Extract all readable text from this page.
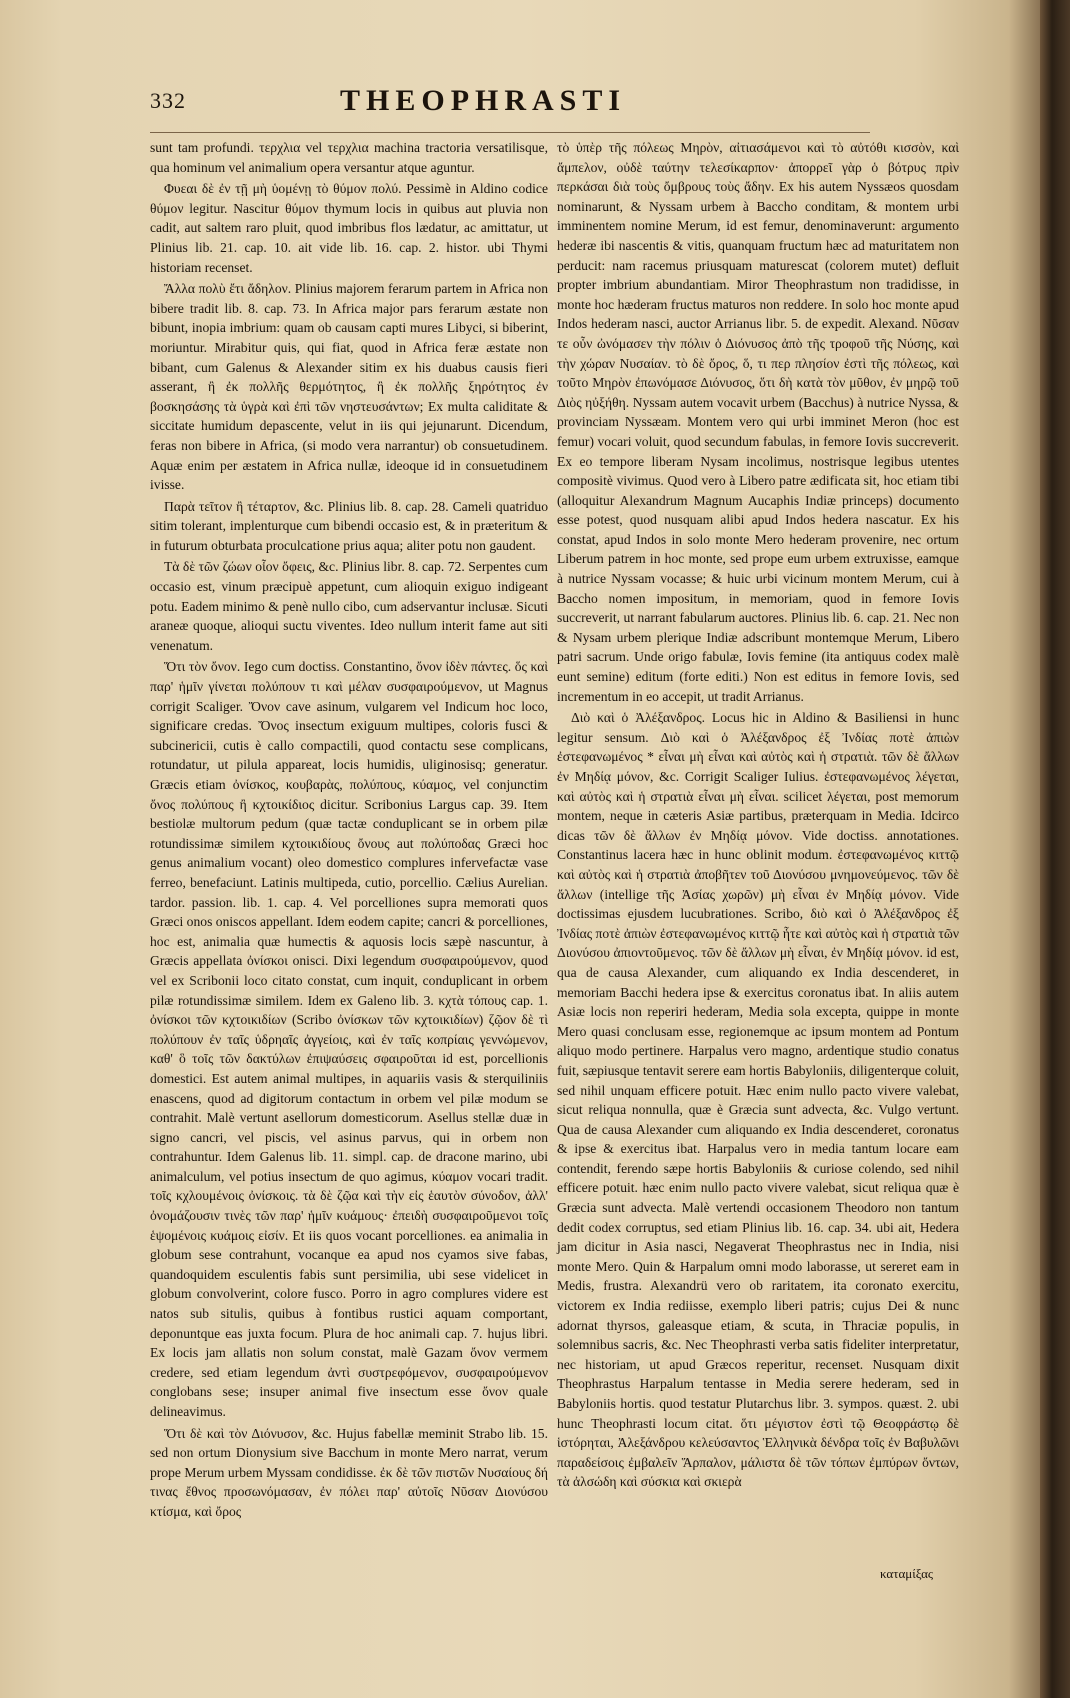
332	THEOPHRASTI

sunt tam profundi. τερχλια vel τερχλια machina tractoria versatilisque, qua hominum vel animalium opera versantur atque aguntur.

Φυεαι δὲ ἐν τῇ μὴ ὑομένῃ τὸ θύμον πολύ. Pessimè in Aldino codice θύμον legitur. Nascitur θύμον thymum locis in quibus aut pluvia non cadit, aut saltem raro pluit, quod imbribus flos lædatur, ac amittatur, ut Plinius lib. 21. cap. 10. ait vide lib. 16. cap. 2. histor. ubi Thymi historiam recenset.

Ἄλλα πολὺ ἔτι ἄδηλον. Plinius majorem ferarum partem in Africa non bibere tradit lib. 8. cap. 73. In Africa major pars ferarum æstate non bibunt, inopia imbrium: quam ob causam capti mures Libyci, si biberint, moriuntur. Mirabitur quis, qui fiat, quod in Africa feræ æstate non bibant, cum Galenus & Alexander sitim ex his duabus causis fieri asserant, ἢ ἐκ πολλῆς θερμότητος, ἢ ἐκ πολλῆς ξηρότητος ἐν βοσκησάσης τὰ ὑγρὰ καὶ ἐπὶ τῶν νηστευσάντων; Ex multa caliditate & siccitate humidum depascente, velut in iis qui jejunarunt. Dicendum, feras non bibere in Africa, (si modo vera narrantur) ob consuetudinem. Aquæ enim per æstatem in Africa nullæ, ideoque id in consuetudinem ivisse.

Παρὰ τεῖτον ἢ τέταρτον, &c. Plinius lib. 8. cap. 28. Cameli quatriduo sitim tolerant, implenturque cum bibendi occasio est, & in præteritum & in futurum obturbata proculcatione prius aqua; aliter potu non gaudent.

Τὰ δὲ τῶν ζώων οἷον ὄφεις, &c. Plinius libr. 8. cap. 72. Serpentes cum occasio est, vinum præcipuè appetunt, cum alioquin exiguo indigeant potu. Eadem minimo & penè nullo cibo, cum adservantur inclusæ. Sicuti araneæ quoque, alioqui suctu viventes. Ideo nullum interit fame aut siti venenatum.

Ὅτι τὸν ὄνον. Iego cum doctiss. Constantino, ὄνον ἰδὲν πάντες. ὅς καὶ παρ' ἡμῖν γίνεται πολύπουν τι καὶ μέλαν συσφαιρούμενον, ut Magnus corrigit Scaliger. Ὄνον cave asinum, vulgarem vel Indicum hoc loco, significare credas. Ὄνος insectum exiguum multipes, coloris fusci & subcinericii, cutis è callo compactili, quod contactu sese complicans, rotundatur, ut pilula appareat, locis humidis, uliginosisq; generatur. Græcis etiam ὀνίσκος, κουβαρὰς, πολύπους, κύαμος, vel conjunctim ὄνος πολύπους ἢ κχτοικίδιος dicitur. Scribonius Largus cap. 39. Item bestiolæ multorum pedum (quæ tactæ conduplicant se in orbem pilæ rotundissimæ similem κχτοικιδίους ὄνους aut πολύποδας Græci hoc genus animalium vocant) oleo domestico complures infervefactæ vase ferreo, benefaciunt. Latinis multipeda, cutio, porcellio. Cælius Aurelian. tardor. passion. lib. 1. cap. 4. Vel porcelliones supra memorati quos Græci onos oniscos appellant. Idem eodem capite; cancri & porcelliones, hoc est, animalia quæ humectis & aquosis locis sæpè nascuntur, à Græcis appellata ὀνίσκοι onisci. Dixi legendum συσφαιρούμενον, quod vel ex Scribonii loco citato constat, cum inquit, conduplicant in orbem pilæ rotundissimæ similem. Idem ex Galeno lib. 3. κχτὰ τόπους cap. 1. ὀνίσκοι τῶν κχτοικιδίων (Scribo ὀνίσκων τῶν κχτοικιδίων) ζῷον δὲ τὶ πολύπουν ἐν ταῖς ὑδρηαῖς ἀγγείοις, καὶ ἐν ταῖς κοπρίαις γεννώμενον, καθ' ὃ τοῖς τῶν δακτύλων ἐπιψαύσεις σφαιροῦται id est, porcellionis domestici. Est autem animal multipes, in aquariis vasis & sterquiliniis enascens, quod ad digitorum contactum in orbem vel pilæ modum se contrahit. Malè vertunt asellorum domesticorum. Asellus stellæ duæ in signo cancri, vel piscis, vel asinus parvus, qui in orbem non contrahuntur. Idem Galenus lib. 11. simpl. cap. de dracone marino, ubi animalculum, vel potius insectum de quo agimus, κύαμον vocari tradit. τοῖς κχλουμένοις ὀνίσκοις. τὰ δὲ ζῷα καὶ τὴν εἰς ἑαυτὸν σύνοδον, ἀλλ' ὀνομάζουσιν τινὲς τῶν παρ' ἡμῖν κυάμους· ἐπειδὴ συσφαιροῦμενοι τοῖς ἑψομένοις κυάμοις εἰσίν. Et iis quos vocant porcelliones. ea animalia in globum sese contrahunt, vocanque ea apud nos cyamos sive fabas, quandoquidem esculentis fabis sunt persimilia, ubi sese videlicet in globum convolverint, colore fusco. Porro in agro complures videre est natos sub situlis, quibus à fontibus rustici aquam comportant, deponuntque eas juxta focum. Plura de hoc animali cap. 7. hujus libri. Ex locis jam allatis non solum constat, malè Gazam ὄνον vermem credere, sed etiam legendum ἀντὶ συστρεφόμενον, συσφαιρούμενον conglobans sese; insuper animal five insectum esse ὄνον quale delineavimus.

Ὅτι δὲ καὶ τὸν Διόνυσον, &c. Hujus fabellæ meminit Strabo lib. 15. sed non ortum Dionysium sive Bacchum in monte Mero narrat, verum prope Merum urbem Myssam condidisse. ἐκ δὲ τῶν πιστῶν Νυσαίους δή τινας ἔθνος προσωνόμασαν, ἐν πόλει παρ' αὐτοῖς Νῦσαν Διονύσου κτίσμα, καὶ ὄρος

τὸ ὑπὲρ τῆς πόλεως Μηρὸν, αἰτιασάμενοι καὶ τὸ αὐτόθι κισσὸν, καὶ ἄμπελον, οὐδὲ ταύτην τελεσίκαρπον· ἀπορρεῖ γὰρ ὁ βότρυς πρὶν περκάσαι διὰ τοὺς ὄμβρους τοὺς ἄδην. Ex his autem Nyssæos quosdam nominarunt, & Nyssam urbem à Baccho conditam, & montem urbi imminentem nomine Merum, id est femur, denominaverunt: argumento hederæ ibi nascentis & vitis, quanquam fructum hæc ad maturitatem non perducit: nam racemus priusquam maturescat (colorem mutet) defluit propter imbrium abundantiam. Miror Theophrastum non tradidisse, in monte hoc hæderam fructus maturos non reddere. In solo hoc monte apud Indos hederam nasci, auctor Arrianus libr. 5. de expedit. Alexand. Νῦσαν τε οὖν ὠνόμασεν τὴν πόλιν ὁ Διόνυσος ἀπὸ τῆς τροφοῦ τῆς Νύσης, καὶ τὴν χώραν Νυσαίαν. τὸ δὲ ὄρος, ὅ, τι περ πλησίον ἐστὶ τῆς πόλεως, καὶ τοῦτο Μηρὸν ἐπωνόμασε Διόνυσος, ὅτι δὴ κατὰ τὸν μῦθον, ἐν μηρῷ τοῦ Διὸς ηὐξήθη. Nyssam autem vocavit urbem (Bacchus) à nutrice Nyssa, & provinciam Nyssæam. Montem vero qui urbi imminet Meron (hoc est femur) vocari voluit, quod secundum fabulas, in femore Iovis succreverit. Ex eo tempore liberam Nysam incolimus, nostrisque legibus utentes compositè vivimus. Quod vero à Libero patre ædificata sit, hoc etiam tibi (alloquitur Alexandrum Magnum Aucaphis Indiæ princeps) documento esse potest, quod nusquam alibi apud Indos hedera nascatur. Ex his constat, apud Indos in solo monte Mero hederam provenire, nec ortum Liberum patrem in hoc monte, sed prope eum urbem extruxisse, eamque à nutrice Nyssam vocasse; & huic urbi vicinum montem Merum, cui à Baccho nomen impositum, in memoriam, quod in femore Iovis succreverit, ut narrant fabularum auctores. Plinius lib. 6. cap. 21. Nec non & Nysam urbem plerique Indiæ adscribunt montemque Merum, Libero patri sacrum. Unde origo fabulæ, Iovis femine (ita antiquus codex malè eunt semine) editum (forte editi.) Non est editus in femore Iovis, sed incrementum in eo accepit, ut tradit Arrianus.

Διὸ καὶ ὁ Ἀλέξανδρος. Locus hic in Aldino & Basiliensi in hunc legitur sensum. Διὸ καὶ ὁ Ἀλέξανδρος ἐξ Ἰνδίας ποτὲ ἀπιὼν ἐστεφανωμένος * εἶναι μὴ εἶναι καὶ αὐτὸς καὶ ἡ στρατιὰ. τῶν δὲ ἄλλων ἐν Μηδίᾳ μόνον, &c. Corrigit Scaliger Iulius. ἐστεφανωμένος λέγεται, καὶ αὐτὸς καὶ ἡ στρατιὰ εἶναι μὴ εἶναι. scilicet λέγεται, post memorum montem, neque in cæteris Asiæ partibus, præterquam in Media. Idcirco dicas τῶν δὲ ἄλλων ἐν Μηδίᾳ μόνον. Vide doctiss. annotationes. Constantinus lacera hæc in hunc oblinit modum. ἐστεφανωμένος κιττῷ καὶ αὐτὸς καὶ ἡ στρατιὰ ἀποβῆτεν τοῦ Διονύσου μνημονεύμενος. τῶν δὲ ἄλλων (intellige τῆς Ἀσίας χωρῶν) μὴ εἶναι ἐν Μηδίᾳ μόνον. Vide doctissimas ejusdem lucubrationes. Scribo, διὸ καὶ ὁ Ἀλέξανδρος ἐξ Ἰνδίας ποτὲ ἀπιὼν ἐστεφανωμένος κιττῷ ἦτε καὶ αὐτὸς καὶ ἡ στρατιὰ τῶν Διονύσου ἀπιοντοῦμενος. τῶν δὲ ἄλλων μὴ εἶναι, ἐν Μηδίᾳ μόνον. id est, qua de causa Alexander, cum aliquando ex India descenderet, in memoriam Bacchi hedera ipse & exercitus coronatus ibat. In aliis autem Asiæ locis non reperiri hederam, Media sola excepta, quippe in monte Mero quasi conclusam esse, regionemque ac ipsum montem ad Pontum aliquo modo pertinere. Harpalus vero magno, ardentique studio conatus fuit, sæpiusque tentavit serere eam hortis Babyloniis, diligenterque coluit, sed nihil unquam efficere potuit. Hæc enim nullo pacto vivere valebat, sicut reliqua nonnulla, quæ è Græcia sunt advecta, &c. Vulgo vertunt. Qua de causa Alexander cum aliquando ex India descenderet, coronatus & ipse & exercitus ibat. Harpalus vero in media tantum locare eam contendit, ferendo sæpe hortis Babyloniis & curiose colendo, sed nihil efficere potuit. hæc enim nullo pacto vivere valebat, sicut reliqua quæ è Græcia sunt advecta. Malè vertendi occasionem Theodoro non tantum dedit codex corruptus, sed etiam Plinius lib. 16. cap. 34. ubi ait, Hedera jam dicitur in Asia nasci, Negaverat Theophrastus nec in India, nisi monte Mero. Quin & Harpalum omni modo laborasse, ut sereret eam in Medis, frustra. Alexandrü vero ob raritatem, ita coronato exercitu, victorem ex India rediisse, exemplo liberi patris; cujus Dei & nunc adornat thyrsos, galeasque etiam, & scuta, in Thraciæ populis, in solemnibus sacris, &c. Nec Theophrasti verba satis fideliter interpretatur, nec historiam, ut apud Græcos reperitur, recenset. Nusquam dixit Theophrastus Harpalum tentasse in Media serere hederam, sed in Babyloniis hortis. quod testatur Plutarchus libr. 3. sympos. quæst. 2. ubi hunc Theophrasti locum citat. ὅτι μέγιστον ἐστὶ τῷ Θεοφράστῳ δὲ ἱστόρηται, Ἀλεξάνδρου κελεύσαντος Ἑλληνικὰ δένδρα τοῖς ἐν Βαβυλῶνι παραδείσοις ἐμβαλεῖν Ἅρπαλον, μάλιστα δὲ τῶν τόπων ἐμπύρων ὄντων, τὰ ἀλσώδη καὶ σύσκια καὶ σκιερὰ

καταμίξας
